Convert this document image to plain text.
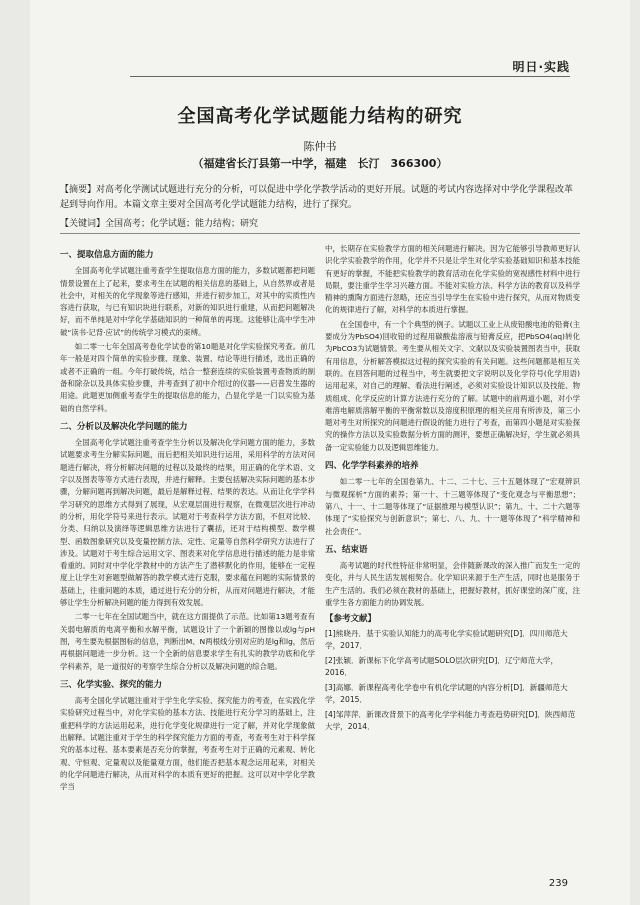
明日·实践
全国高考化学试题能力结构的研究
陈仲书
（福建省长汀县第一中学，福建　长汀　366300）
【摘要】对高考化学测试试题进行充分的分析，可以促进中学化学教学活动的更好开展。试题的考试内容选择对中学化学课程改革起到导向作用。本篇文章主要对全国高考化学试题能力结构，进行了探究。
【关键词】全国高考；化学试题；能力结构；研究
一、提取信息方面的能力

全国高考化学试题注重考查学生提取信息方面的能力，多数试题都把问题情景设置在上了起来，要求考生在试题的相关信息的基础上，从自然界或者是社会中，对相关的化学现象等进行感知，并进行初步加工，对其中的实质性内容进行获取，与已有知识块进行联系，对新的知识进行重建，从而把问题解决好，而不单纯是对中学化学基础知识的一种简单的再现。这能够让高中学生冲破“读书·记背·应试”的传统学习模式的束缚。

如二零一七年全国高考卷化学试卷的第10题是对化学实验探究考查。前几年一般是对四个简单的实验步骤、现象、装置、结论等进行描述，选出正确的或者不正确的一组。今年打破传统，结合一整套连续的实验装置考查物质的制备和除杂以及具体实验步骤，并考查到了初中介绍过的仪器——启普发生器的用途。此题更加侧重考查学生的提取信息的能力，凸显化学是一门以实验为基础的自然学科。

二、分析以及解决化学问题的能力

全国高考化学试题注重考查学生分析以及解决化学问题方面的能力，多数试题要求考生分解实际问题，而后把相关知识进行运用，采用科学的方法对问题进行解决，将分析解决问题的过程以及最终的结果，用正确的化学术语、文字以及图表等等方式进行表现，并进行解释。主要包括解决实际问题的基本步骤，分解问题再到解决问题，最后是解释过程、结果的表达。从而让化学学科学习研究的思维方式得到了展现，从宏观层面进行观察，在微观层次进行冲动的分析，用化学符号来进行表示。试题对于考查科学方法方面，不但对比较、分类、归纳以及演绎等逻辑思维方法进行了囊括，还对于结构模型、数学模型、函数图象研究以及变量控制方法、定性、定量等自然科学研究方法进行了涉及。试题对于考生综合运用文字、图表来对化学信息进行描述的能力是非常看重的。同时对中学化学教材中的方法产生了潜移默化的作用，能够在一定程度上让学生对套题型做解答的教学模式进行克服，要求蕴在问题的实际情景的基础上，往重问题的本质，通过进行充分的分析，从而对问题进行解决，才能够让学生分析解决问题的能力得到有效发展。

二零一七年在全国试题当中，就在这方面提供了示范。比如第13题考查有关弱电解质的电离平衡和水解平衡，试题设计了一个新颖的图像以或lg与pH图，考生要先根据图标的信息，判断出M、N两根线分别对应的是lg和lg，然后再根据问题进一步分析。这一个全新的信息要求学生有扎实的教学功底和化学学科素养，是一道很好的考察学生综合分析以及解决问题的综合题。

三、化学实验、探究的能力

高考全国化学试题注重对于学生化学实验、探究能力的考查，在实践化学实验研究过程当中，对化学实验的基本方法、技能进行充分学习的基础上，注重把科学的方法运用起来，进行化学变化规律进行一定了解，并对化学现象做出解释。试题注重对于学生的科学探究能力方面的考查，考查考生对于科学探究的基本过程、基本要素是否充分的掌握，考查考生对于正确的元素观、转化观、守恒观、定量观以及能量观方面，他们能否把基本观念运用起来，对相关的化学问题进行解决，从而对科学的本质有更好的把握。这可以对中学化学教学当

中，长期存在实验教学方面的相关问题进行解决。因为它能够引导教师更好认识化学实验教学的作用，化学并不只是让学生对化学实验基础知识和基本技能有更好的掌握，不能把实验教学的教育活动在化学实验的宽视感性材料中进行局限，要注重学生学习兴趣方面。不能对实验方法、科学方法的教育以及科学精神的熏陶方面进行忽略，还应当引导学生在实验中进行探究，从而对物质变化的规律进行了解，对科学的本质进行掌握。

在全国卷中，有一个个典型的例子。试题以工业上从废铅酸电池的铅膏(主要成分为PbSO4)回收铅的过程用碳酸盐溶液与铅膏反应，把PbSO4(aq)转化为PbCO3为试题情景。考生要从相关文字、文献以及实验装置图表当中，获取有用信息，分析解答模拟这过程的探究实验的有关问题。这些问题都是相互关联的。在回答问题的过程当中，考生就要把文字说明以及化学符号(化学用语)运用起来，对自己的理解、看法进行阐述，必须对实验设计知识以及技能、物质组成、化学反应的计算方法进行充分的了解。试题中的前两道小题，对小学难溶电解质溶解平衡的平衡常数以及溶度积原理的相关应用有所涉及，第三小题对考生对所探究的问题进行假设的能力进行了考查，而第四小题是对实验探究的操作方法以及实验数据分析方面的测评，要想正确解决好，学生就必须具备一定实验能力以及逻辑思维能力。

四、化学学科素养的培养

如二零一七年的全国卷第九、十二、二十七、三十五题体现了“宏观辨识与微观探析”方面的素养；第一十、十三题等体现了“变化观念与平衡思想”；第八、十一、十二题等体现了“证据推理与模型认识”；第九、十、二十六题等体现了“实验探究与创新意识”；第七、八、九、十一题等体现了“科学精神和社会责任”。

五、结束语

高考试题的时代性特征非常明显，会伴随新课改的深入推广而发生一定的变化，并与人民生活发展相契合。化学知识来源于生产生活，同时也是服务于生产生活的。我们必须在教材的基础上，把握好教材，抓好课堂的深广度，注重学生各方面能力的协调发展。

【参考文献】
[1]熊晓丹．基于实验认知能力的高考化学实验试题研究[D]．四川师范大学，2017．
[2]张颖．新课标下化学高考试题SOLO层次研究[D]．辽宁师范大学，2016．
[3]高娜．新课程高考化学卷中有机化学试题的内容分析[D]．新疆师范大学，2015．
[4]邹萍萍．新课改背景下的高考化学学科能力考查趋势研究[D]．陕西师范大学，2014．
239
